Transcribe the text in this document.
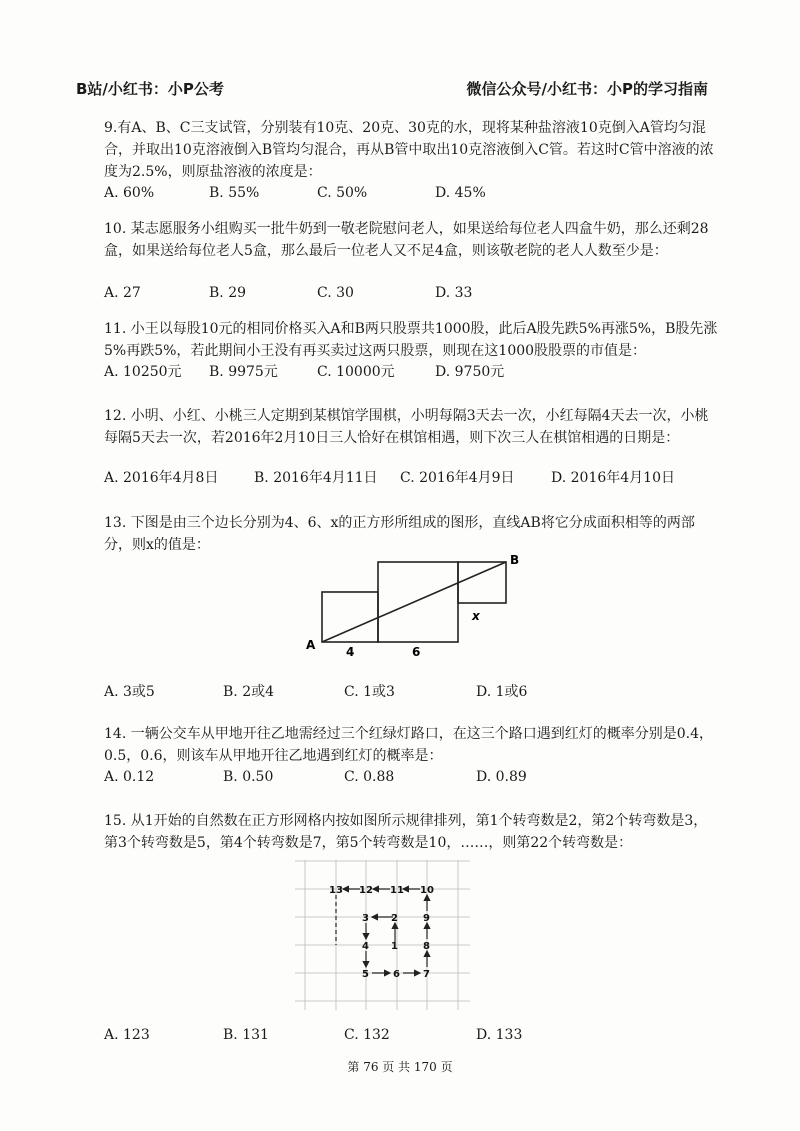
B站/小红书：小P公考	微信公众号/小红书：小P的学习指南

9.有A、B、C三支试管，分别装有10克、20克、30克的水，现将某种盐溶液10克倒入A管均匀混合，并取出10克溶液倒入B管均匀混合，再从B管中取出10克溶液倒入C管。若这时C管中溶液的浓度为2.5%，则原盐溶液的浓度是：

A. 60%	B. 55%	C. 50%	D. 45%

10. 某志愿服务小组购买一批牛奶到一敬老院慰问老人，如果送给每位老人四盒牛奶，那么还剩28盒，如果送给每位老人5盒，那么最后一位老人又不足4盒，则该敬老院的老人人数至少是：

A. 27	B. 29	C. 30	D. 33

11. 小王以每股10元的相同价格买入A和B两只股票共1000股，此后A股先跌5%再涨5%，B股先涨5%再跌5%，若此期间小王没有再买卖过这两只股票，则现在这1000股股票的市值是：

A. 10250元 B. 9975元	C. 10000元	D. 9750元

12. 小明、小红、小桃三人定期到某棋馆学围棋，小明每隔3天去一次，小红每隔4天去一次，小桃每隔5天去一次，若2016年2月10日三人恰好在棋馆相遇，则下次三人在棋馆相遇的日期是：

A. 2016年4月8日	B. 2016年4月11日 C. 2016年4月9日	D. 2016年4月10日

13. 下图是由三个边长分别为4、6、x的正方形所组成的图形，直线AB将它分成面积相等的两部分，则x的值是：

A
B
4	6
x
A. 3或5	B. 2或4	C. 1或3	D. 1或6

14. 一辆公交车从甲地开往乙地需经过三个红绿灯路口，在这三个路口遇到红灯的概率分别是0.4，0.5，0.6，则该车从甲地开往乙地遇到红灯的概率是：

A. 0.12	B. 0.50	C. 0.88	D. 0.89

15. 从1开始的自然数在正方形网格内按如图所示规律排列，第1个转弯数是2，第2个转弯数是3，第3个转弯数是5，第4个转弯数是7，第5个转弯数是10，……，则第22个转弯数是：

1
2
3
4
5 6 7
8
9
10
11
12
13
A. 123	B. 131	C. 132	D. 133
第 76 页 共 170 页
